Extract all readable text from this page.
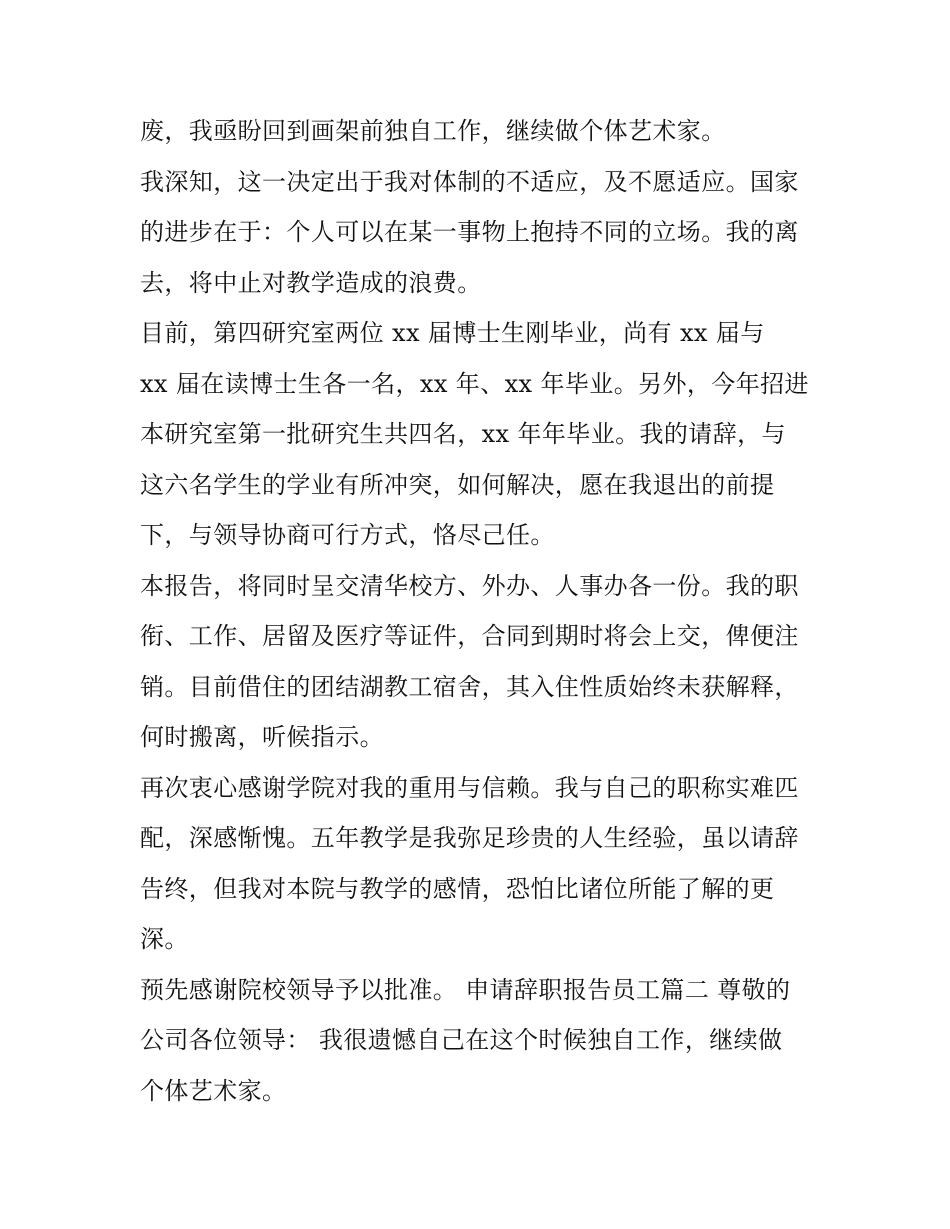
废，我亟盼回到画架前独自工作，继续做个体艺术家。
我深知，这一决定出于我对体制的不适应，及不愿适应。国家
的进步在于：个人可以在某一事物上抱持不同的立场。我的离
去，将中止对教学造成的浪费。
目前，第四研究室两位 xx 届博士生刚毕业，尚有 xx 届与
xx 届在读博士生各一名，xx 年、xx 年毕业。另外，今年招进
本研究室第一批研究生共四名，xx 年年毕业。我的请辞，与
这六名学生的学业有所冲突，如何解决，愿在我退出的前提
下，与领导协商可行方式，恪尽己任。
本报告，将同时呈交清华校方、外办、人事办各一份。我的职
衔、工作、居留及医疗等证件，合同到期时将会上交，俾便注
销。目前借住的团结湖教工宿舍，其入住性质始终未获解释，
何时搬离，听候指示。
再次衷心感谢学院对我的重用与信赖。我与自己的职称实难匹
配，深感惭愧。五年教学是我弥足珍贵的人生经验，虽以请辞
告终，但我对本院与教学的感情，恐怕比诸位所能了解的更
深。
预先感谢院校领导予以批准。 申请辞职报告员工篇二 尊敬的
公司各位领导： 我很遗憾自己在这个时候独自工作，继续做
个体艺术家。
